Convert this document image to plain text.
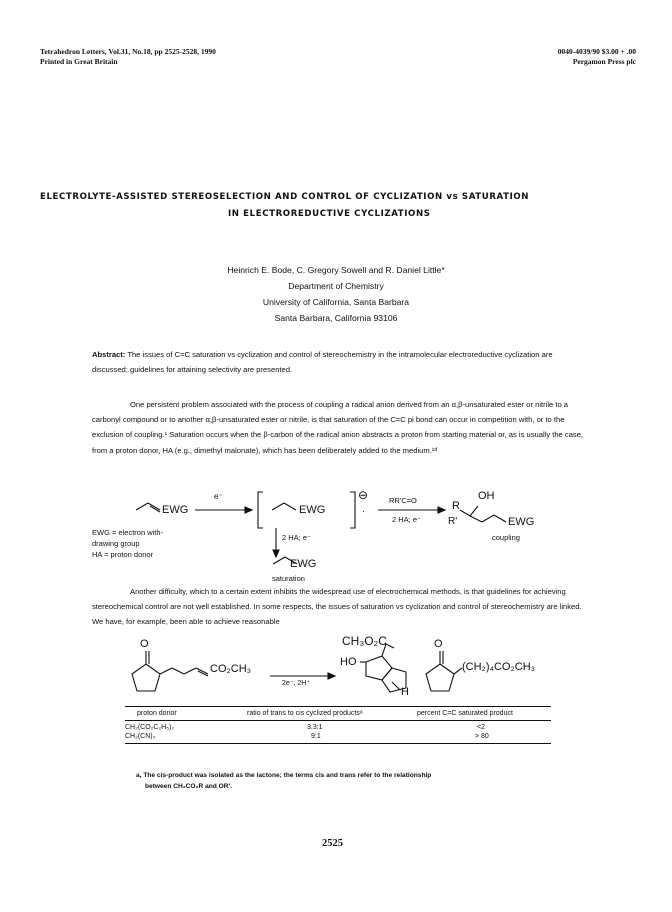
Tetrahedron Letters, Vol.31, No.18, pp 2525-2528, 1990
Printed in Great Britain
0040-4039/90 $3.00 + .00
Pergamon Press plc
ELECTROLYTE-ASSISTED STEREOSELECTION AND CONTROL OF CYCLIZATION vs SATURATION
IN ELECTROREDUCTIVE CYCLIZATIONS
Heinrich E. Bode, C. Gregory Sowell and R. Daniel Little*
Department of Chemistry
University of California, Santa Barbara
Santa Barbara, California 93106

Abstract: The issues of C=C saturation vs cyclization and control of stereochemistry in the intramolecular electroreductive cyclization are discussed; guidelines for attaining selectivity are presented.

One persistent problem associated with the process of coupling a radical anion derived from an α,β-unsaturated ester or nitrile to a carbonyl compound or to another α,β-unsaturated ester or nitrile, is that saturation of the C=C pi bond can occur in competition with, or to the exclusion of coupling.¹ Saturation occurs when the β-carbon of the radical anion abstracts a proton from starting material or, as is usually the case, from a proton donor, HA (e.g., dimethyl malonate), which has been deliberately added to the medium.¹ᵈ

EWG
e⁻
EWG
⊖
·
RR'C=O
2 HA; e⁻
OH
R
R'	EWG
coupling
2 HA; e⁻
EWG
saturation
EWG = electron with-
drawing group
HA = proton donor

Another difficulty, which to a certain extent inhibits the widespread use of electrochemical methods, is that guidelines for achieving stereochemical control are not well established. In some respects, the issues of saturation vs cyclization and control of stereochemistry are linked. We have, for example, been able to achieve reasonable

O
CO₂CH₃
2e⁻, 2H⁺
CH₃O₂C
HO
H
O
(CH₂)₄CO₂CH₃
proton donor	ratio of trans to cis cyclized productsᵃ	percent C=C saturated product
CH₂(CO₂C₂H₅)₂	3.3:1	<2
CH₂(CN)₂	9:1	> 80
a, The cis-product was isolated as the lactone; the terms cis and trans refer to the relationship
between CH₂CO₂R and OR'.
2525
